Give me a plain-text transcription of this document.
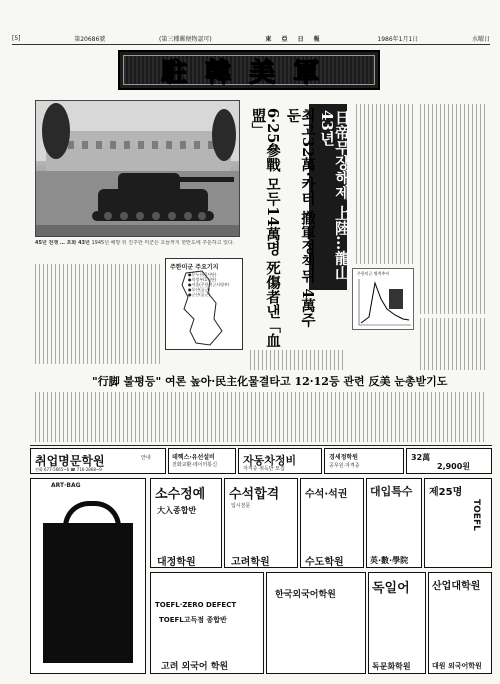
[5]	第20686號	(第三種郵便物認可)	東 亞 日 報	1986年1月1日	水曜日
駐韓美軍
45년 전쟁 … 포화 43년 1945년 해방 뒤 진주한 미군은 오늘까지 한반도에 주둔하고 있다.	日帝무장해제 上陸…龍山43년
최고32萬·카터 撤軍정책뒤 4萬주둔
6·25參戰 모두14萬명 死傷者낸「血盟」
주한미군 주요기지
●동두천(2사단)
●의정부(1군단)
●서울(주한미군사령부)
●오산(공군)
●군산(공군)
주한미군 병력추이
"行脚 불평등" 여론 높아·民主化물결타고 12·12등 관련 反美 눈총받기도
취업명문학원	안내
전화 677-5665~6 ☎ 716-2868~9
데헥스·유선설비
전화교환·데이터통신 자동차정비
자격증 취득반 모집
경세정학원
공무원·자격증
32萬
2,900원
ART·BAG
소수정예
大入종합반
대정학원
수석합격
입시전문
고려학원
수석·석권
수도학원
대입특수
英·數·學院
제25명
TOEFL
TOEFL·ZERO DEFECT
TOEFL고득점 종합반
고려 외국어 학원
한국외국어학원	독일어
독문화학원
산업대학원
대원 외국어학원
